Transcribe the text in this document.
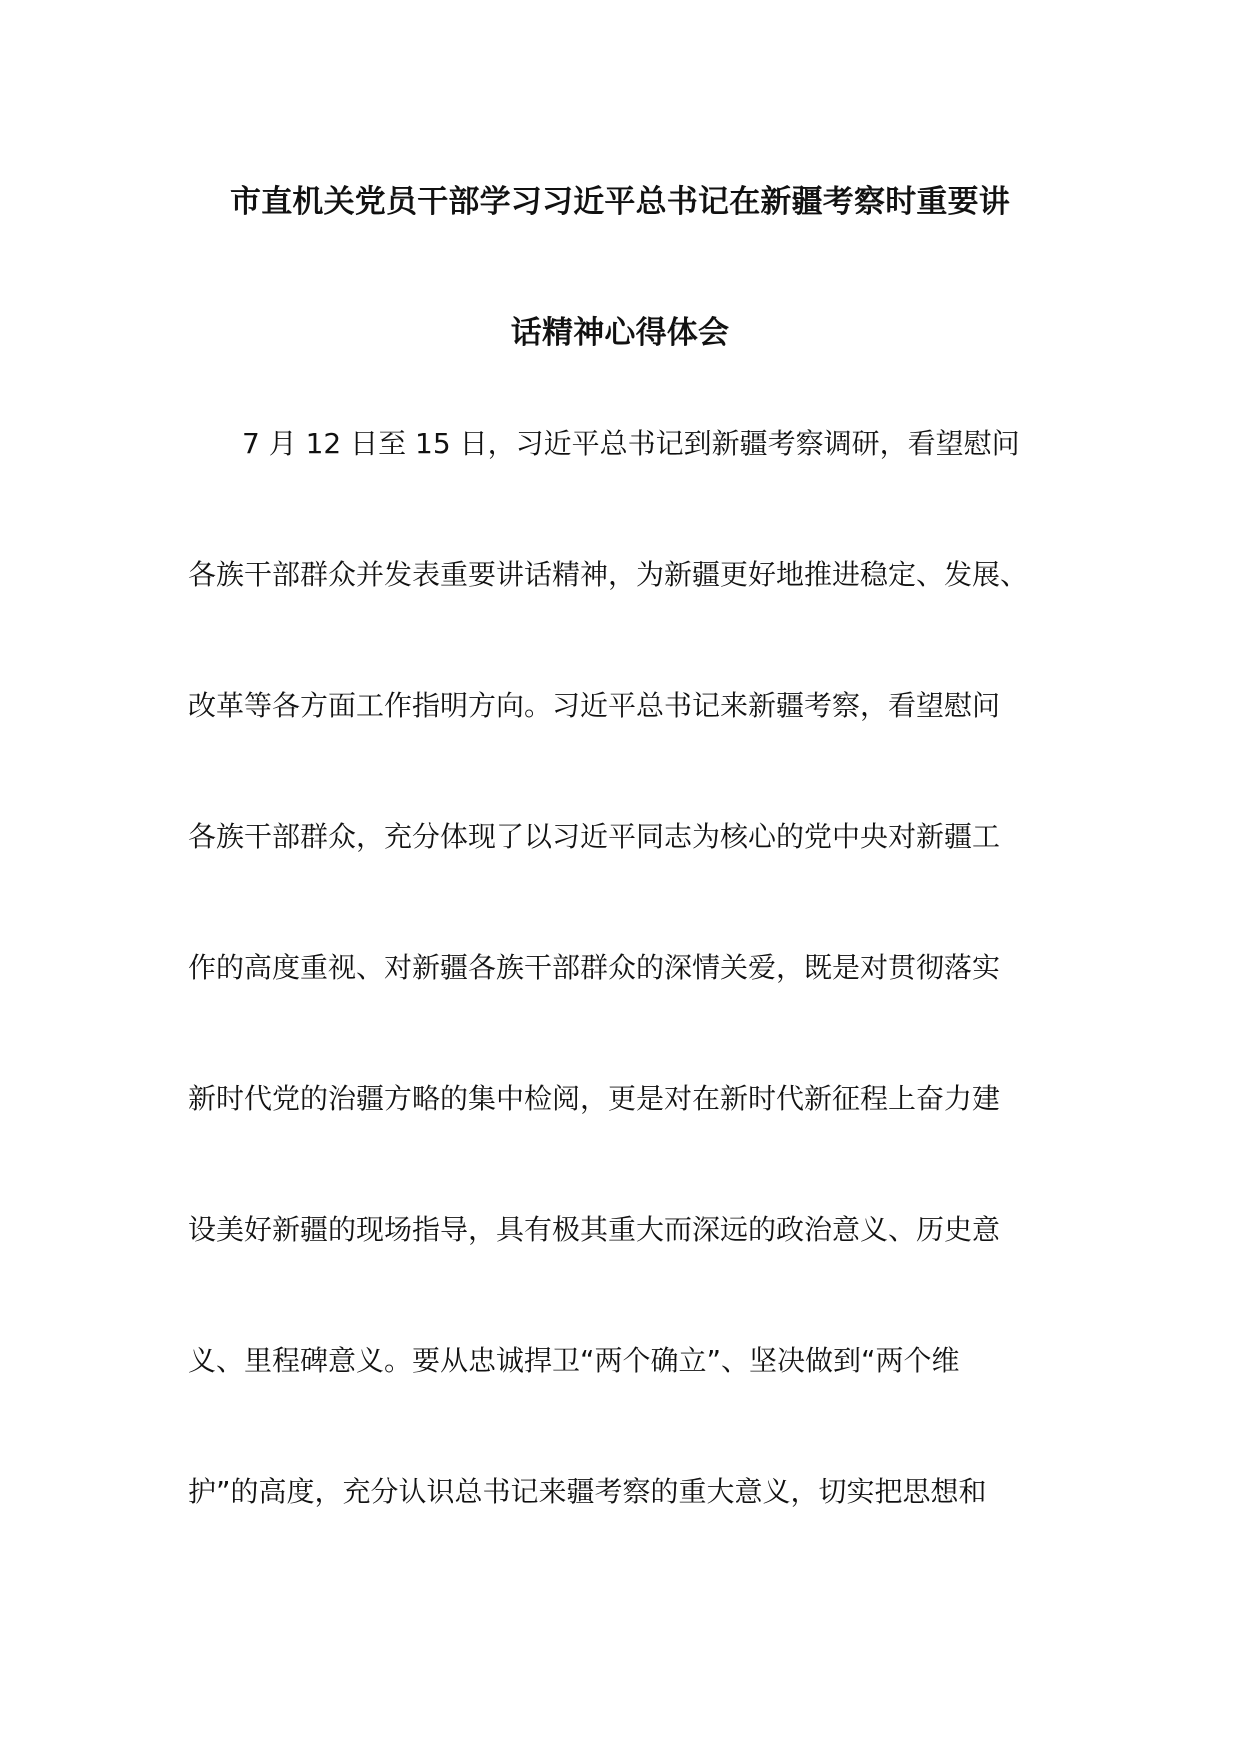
市直机关党员干部学习习近平总书记在新疆考察时重要讲
话精神心得体会
7 月 12 日至 15 日，习近平总书记到新疆考察调研，看望慰问
各族干部群众并发表重要讲话精神，为新疆更好地推进稳定、发展、
改革等各方面工作指明方向。习近平总书记来新疆考察，看望慰问
各族干部群众，充分体现了以习近平同志为核心的党中央对新疆工
作的高度重视、对新疆各族干部群众的深情关爱，既是对贯彻落实
新时代党的治疆方略的集中检阅，更是对在新时代新征程上奋力建
设美好新疆的现场指导，具有极其重大而深远的政治意义、历史意
义、里程碑意义。要从忠诚捍卫“两个确立”、坚决做到“两个维
护”的高度，充分认识总书记来疆考察的重大意义，切实把思想和
